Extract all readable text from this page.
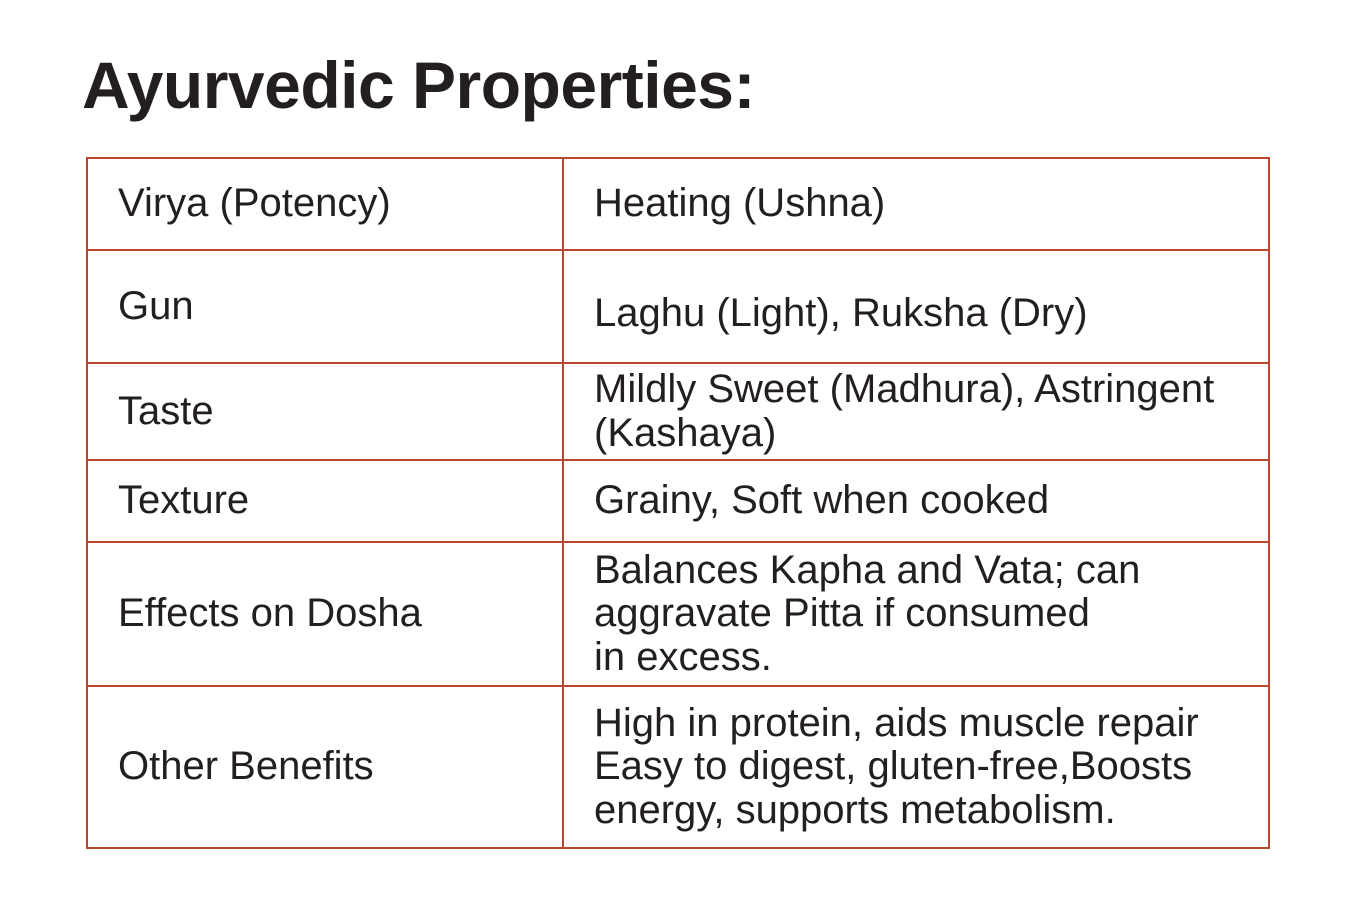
Ayurvedic Properties:
Virya (Potency)	Heating (Ushna)
Gun	Laghu (Light), Ruksha (Dry)
Taste	Mildly Sweet (Madhura), Astringent
(Kashaya)
Texture	Grainy, Soft when cooked
Effects on Dosha	Balances Kapha and Vata; can
aggravate Pitta if consumed
in excess.
Other Benefits	High in protein, aids muscle repair
Easy to digest, gluten-free,Boosts
energy, supports metabolism.
